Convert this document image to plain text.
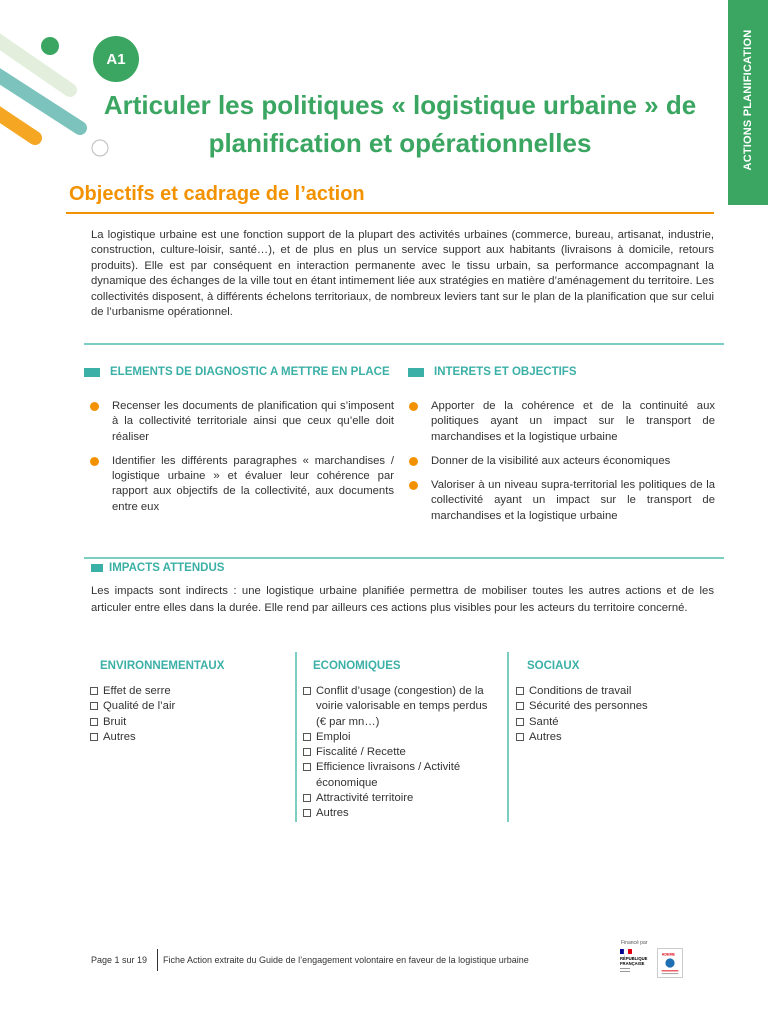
ACTIONS PLANIFICATION
A1
Articuler les politiques « logistique urbaine » de planification et opérationnelles
Objectifs et cadrage de l’action
La logistique urbaine est une fonction support de la plupart des activités urbaines (commerce, bureau, artisanat, industrie, construction, culture-loisir, santé…), et de plus en plus un service support aux habitants (livraisons à domicile, retours produits). Elle est par conséquent en interaction permanente avec le tissu urbain, sa performance accompagnant la dynamique des échanges de la ville tout en étant intimement liée aux stratégies en matière d’aménagement du territoire. Les collectivités disposent, à différents échelons territoriaux, de nombreux leviers tant sur le plan de la planification que sur celui de l’urbanisme opérationnel.
ELEMENTS DE DIAGNOSTIC A METTRE EN PLACE
Recenser les documents de planification qui s’imposent à la collectivité territoriale ainsi que ceux qu’elle doit réaliser
Identifier les différents paragraphes « marchandises / logistique urbaine » et évaluer leur cohérence par rapport aux objectifs de la collectivité, aux documents entre eux
INTERETS ET OBJECTIFS
Apporter de la cohérence et de la continuité aux politiques ayant un impact sur le transport de marchandises et la logistique urbaine
Donner de la visibilité aux acteurs économiques
Valoriser à un niveau supra-territorial les politiques de la collectivité ayant un impact sur le transport de marchandises et la logistique urbaine
IMPACTS ATTENDUS
Les impacts sont indirects : une logistique urbaine planifiée permettra de mobiliser toutes les autres actions et de les articuler entre elles dans la durée. Elle rend par ailleurs ces actions plus visibles pour les acteurs du territoire concerné.
ENVIRONNEMENTAUX	ECONOMIQUES	SOCIAUX
Effet de serre
Qualité de l’air
Bruit
Autres
Conflit d’usage (congestion) de la voirie valorisable en temps perdus (€ par mn…)
Emploi
Fiscalité / Recette
Efficience livraisons / Activité économique
Attractivité territoire
Autres
Conditions de travail
Sécurité des personnes
Santé
Autres
Page 1 sur 19 Fiche Action extraite du Guide de l’engagement volontaire en faveur de la logistique urbaine
Financé par
RÉPUBLIQUE
FRANÇAISE
ADEME
